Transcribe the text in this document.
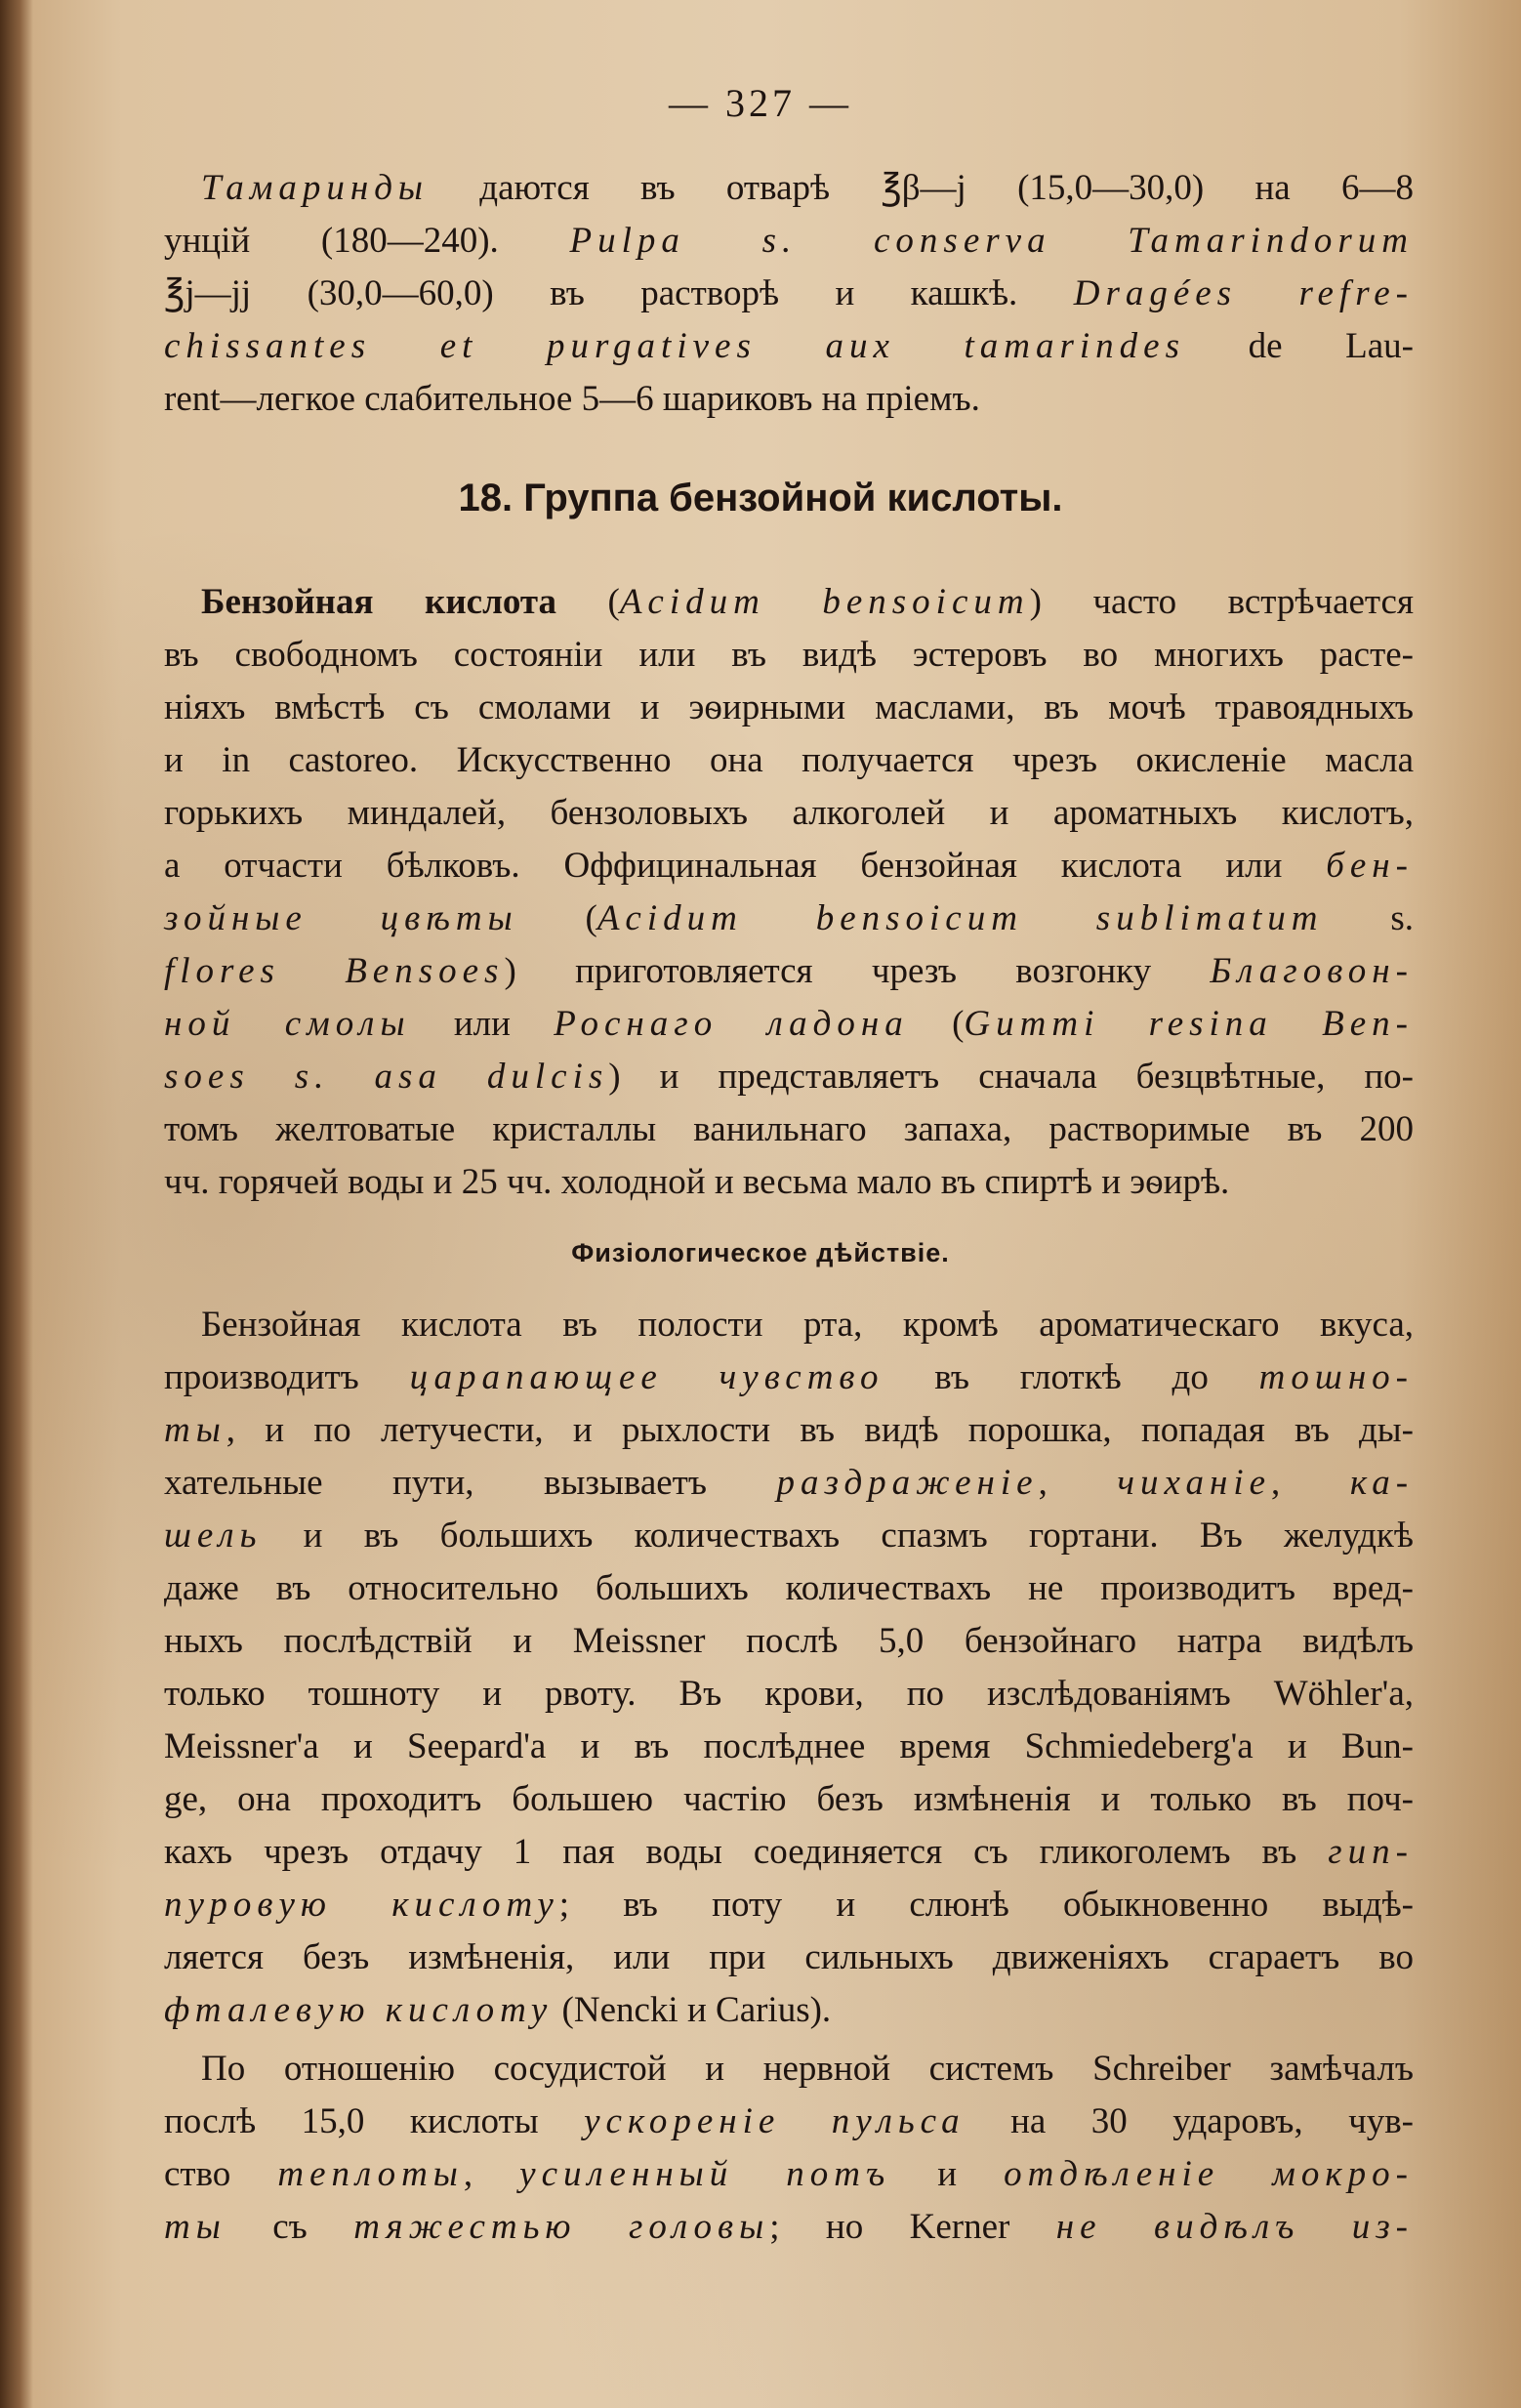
— 327 —
Тамаринды даются въ отварѣ ℥β—j (15,0—30,0) на 6—8
унцій (180—240). Pulpa s. conserva Tamarindorum
℥j—jj (30,0—60,0) въ растворѣ и кашкѣ. Dragées refre-
chissantes et purgatives aux tamarindes de Lau-
rent—легкое слабительное 5—6 шариковъ на пріемъ.
18. Группа бензойной кислоты.
Бензойная кислота (Acidum bensoicum) часто встрѣчается
въ свободномъ состояніи или въ видѣ эстеровъ во многихъ расте-
ніяхъ вмѣстѣ съ смолами и эѳирными маслами, въ мочѣ травоядныхъ
и in castoreo. Искусственно она получается чрезъ окисленіе масла
горькихъ миндалей, бензоловыхъ алкоголей и ароматныхъ кислотъ,
а отчасти бѣлковъ. Оффицинальная бензойная кислота или бен-
зойные цвѣты (Acidum bensoicum sublimatum s.
flores Bensoes) приготовляется чрезъ возгонку Благовон-
ной смолы или Роснаго ладона (Gummi resina Ben-
soes s. asa dulcis) и представляетъ сначала безцвѣтные, по-
томъ желтоватые кристаллы ванильнаго запаха, растворимые въ 200
чч. горячей воды и 25 чч. холодной и весьма мало въ спиртѣ и эѳирѣ.
Физіологическое дѣйствіе.
Бензойная кислота въ полости рта, кромѣ ароматическаго вкуса,
производитъ царапающее чувство въ глоткѣ до тошно-
ты, и по летучести, и рыхлости въ видѣ порошка, попадая въ ды-
хательные пути, вызываетъ раздраженіе, чиханіе, ка-
шель и въ большихъ количествахъ спазмъ гортани. Въ желудкѣ
даже въ относительно большихъ количествахъ не производитъ вред-
ныхъ послѣдствій и Meissner послѣ 5,0 бензойнаго натра видѣлъ
только тошноту и рвоту. Въ крови, по изслѣдованіямъ Wöhler'a,
Meissner'a и Seepard'a и въ послѣднее время Schmiedeberg'a и Bun-
ge, она проходитъ большею частію безъ измѣненія и только въ поч-
кахъ чрезъ отдачу 1 пая воды соединяется съ гликоголемъ въ гип-
пуровую кислоту; въ поту и слюнѣ обыкновенно выдѣ-
ляется безъ измѣненія, или при сильныхъ движеніяхъ сгараетъ во
фталевую кислоту (Nencki и Carius).
По отношенію сосудистой и нервной системъ Schreiber замѣчалъ
послѣ 15,0 кислоты ускореніе пульса на 30 ударовъ, чув-
ство теплоты, усиленный потъ и отдѣленіе мокро-
ты съ тяжестью головы; но Kerner не видѣлъ из-
